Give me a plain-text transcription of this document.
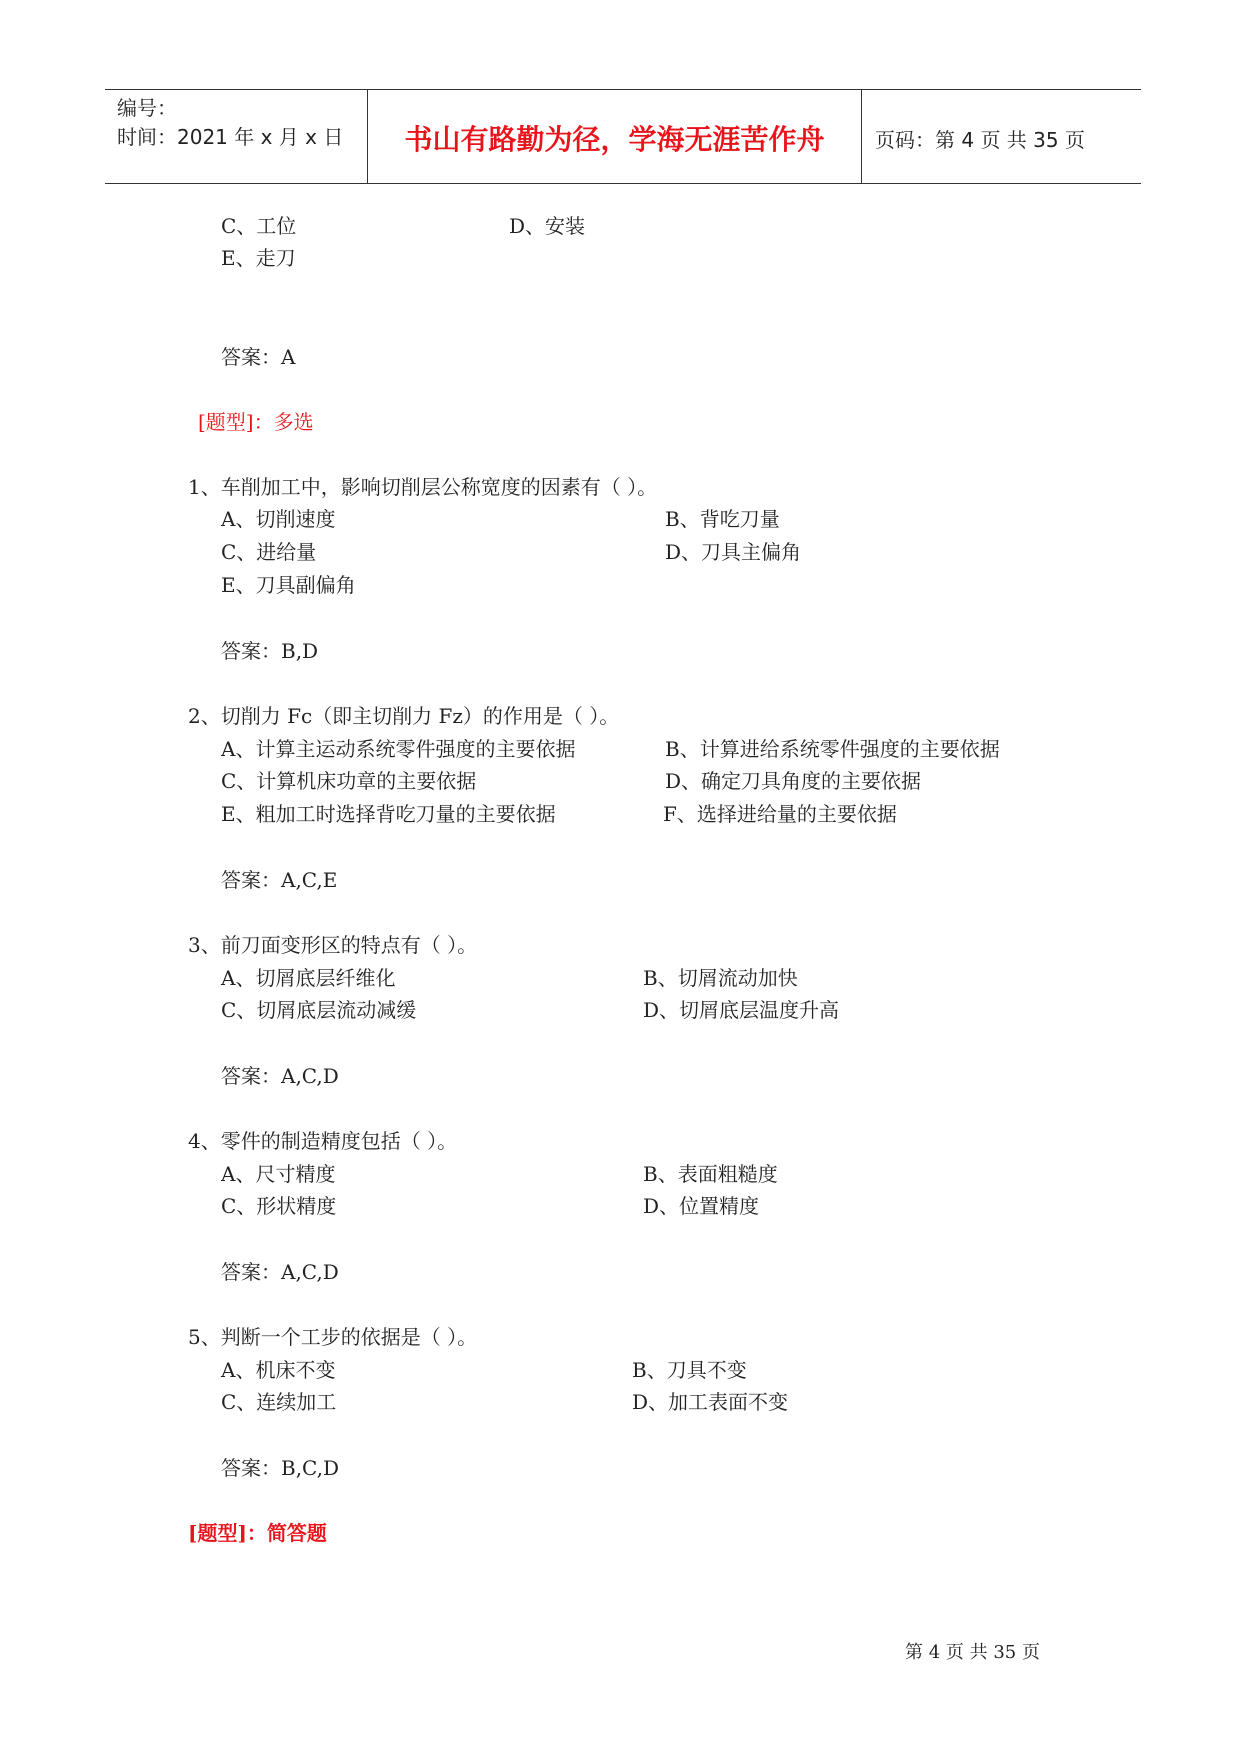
编号：
时间：2021 年 x 月 x 日	书山有路勤为径，学海无涯苦作舟	页码：第 4 页 共 35 页
C、工位	D、安装
E、走刀
答案：A
[题型]：多选
1、车削加工中，影响切削层公称宽度的因素有（ ）。
A、切削速度	B、背吃刀量
C、进给量	D、刀具主偏角
E、刀具副偏角
答案：B,D
2、切削力 Fc（即主切削力 Fz）的作用是（ ）。
A、计算主运动系统零件强度的主要依据	B、计算进给系统零件强度的主要依据
C、计算机床功章的主要依据	D、确定刀具角度的主要依据
E、粗加工时选择背吃刀量的主要依据	F、选择进给量的主要依据
答案：A,C,E
3、前刀面变形区的特点有（ ）。
A、切屑底层纤维化	B、切屑流动加快
C、切屑底层流动减缓	D、切屑底层温度升高
答案：A,C,D
4、零件的制造精度包括（ ）。
A、尺寸精度	B、表面粗糙度
C、形状精度	D、位置精度
答案：A,C,D
5、判断一个工步的依据是（ ）。
A、机床不变	B、刀具不变
C、连续加工	D、加工表面不变
答案：B,C,D
[题型]：简答题
第 4 页 共 35 页
